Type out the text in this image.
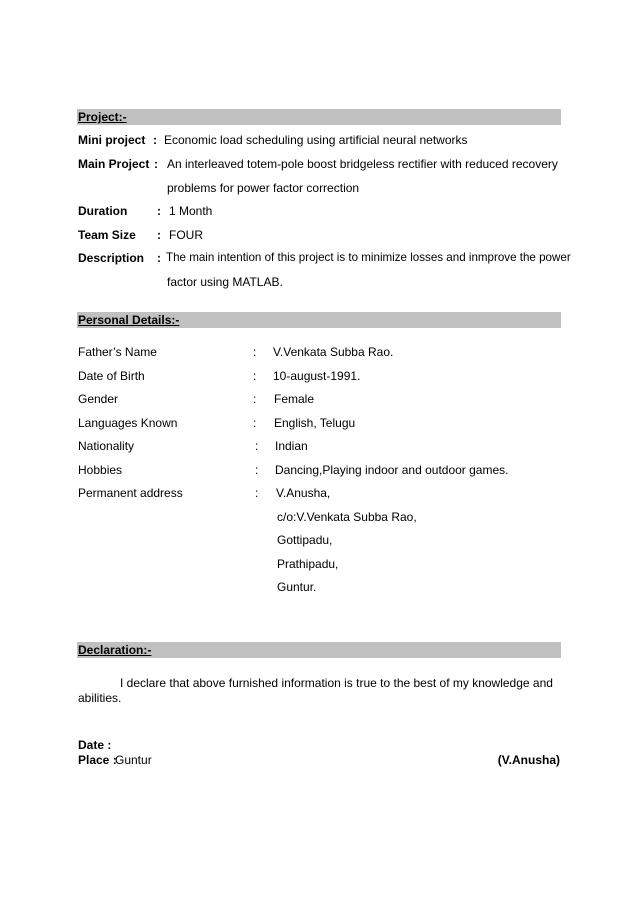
Project:-
Mini project : Economic load scheduling using artificial neural networks
Main Project : An interleaved totem-pole boost bridgeless rectifier with reduced recovery
problems for power factor correction
Duration : 1 Month
Team Size : FOUR
Description : The main intention of this project is to minimize losses and inmprove the power
factor using MATLAB.
Personal Details:-
Father’s Name	: V.Venkata Subba Rao.
Date of Birth	: 10-august-1991.
Gender	: Female
Languages Known	: English, Telugu
Nationality	: Indian
Hobbies	: Dancing,Playing indoor and outdoor games.
Permanent address	: V.Anusha,
c/o:V.Venkata Subba Rao,
Gottipadu,
Prathipadu,
Guntur.
Declaration:-
I declare that above furnished information is true to the best of my knowledge and
abilities.
Date :
Place :
Guntur	(V.Anusha)
